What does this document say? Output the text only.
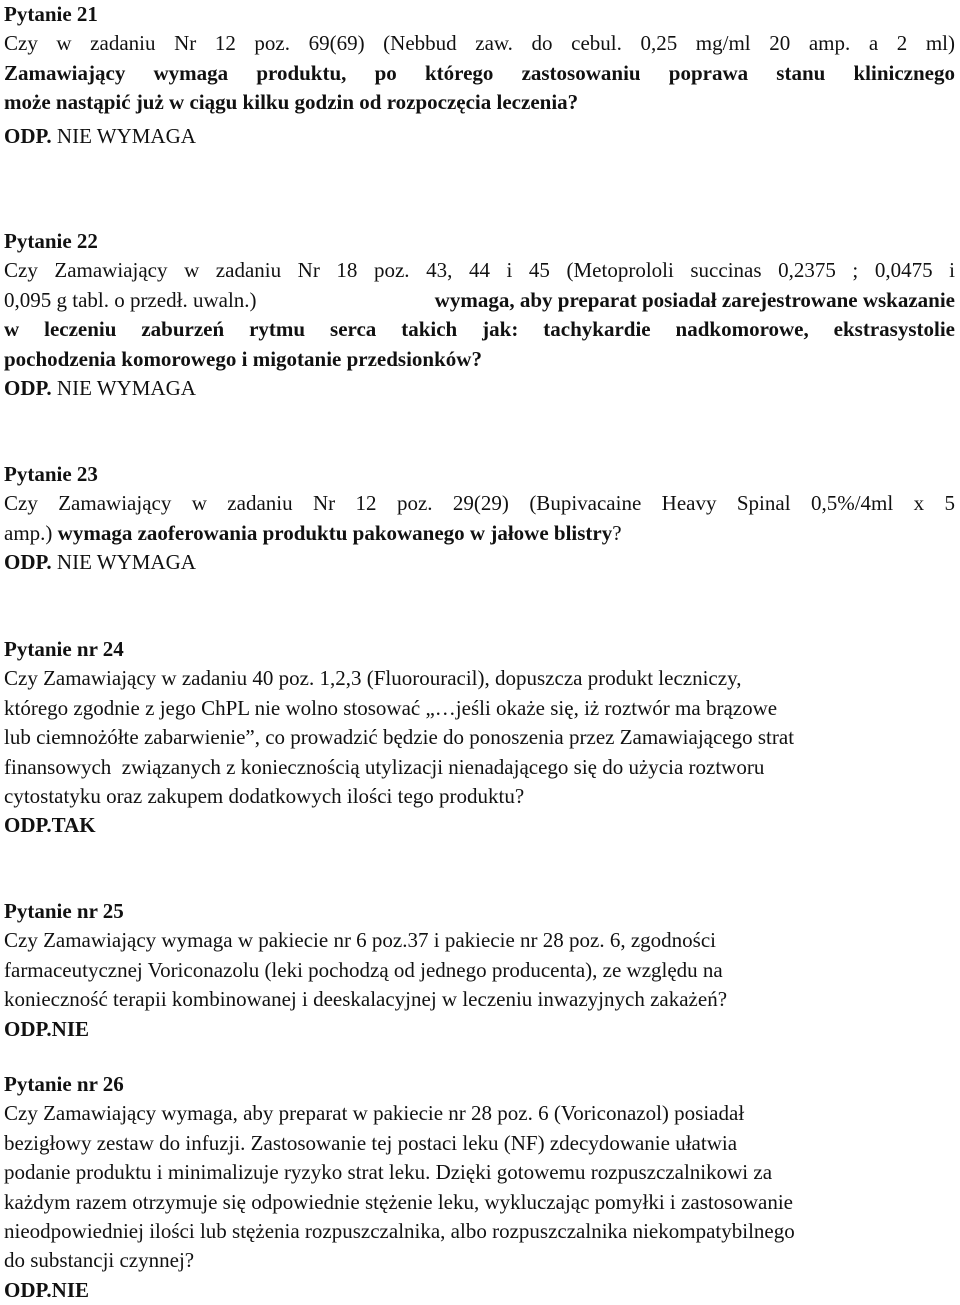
Pytanie 21

Czy w zadaniu Nr 12 poz. 69(69) (Nebbud zaw. do cebul. 0,25 mg/ml 20 amp. a 2 ml)

Zamawiający wymaga produktu, po którego zastosowaniu poprawa stanu klinicznego

może nastąpić już w ciągu kilku godzin od rozpoczęcia leczenia?

ODP. NIE WYMAGA

Pytanie 22

Czy Zamawiający w zadaniu Nr 18 poz. 43, 44 i 45 (Metoprololi succinas 0,2375 ; 0,0475 i

0,095 g tabl. o przedł. uwaln.)	wymaga, aby preparat posiadał zarejestrowane wskazanie

w leczeniu zaburzeń rytmu serca takich jak: tachykardie nadkomorowe, ekstrasystolie

pochodzenia komorowego i migotanie przedsionków?

ODP. NIE WYMAGA

Pytanie 23

Czy Zamawiający w zadaniu Nr 12 poz. 29(29) (Bupivacaine Heavy Spinal 0,5%/4ml x 5

amp.) wymaga zaoferowania produktu pakowanego w jałowe blistry?

ODP. NIE WYMAGA

Pytanie nr 24

Czy Zamawiający w zadaniu 40 poz. 1,2,3 (Fluorouracil), dopuszcza produkt leczniczy,

którego zgodnie z jego ChPL nie wolno stosować „…jeśli okaże się, iż roztwór ma brązowe

lub ciemnożółte zabarwienie”, co prowadzić będzie do ponoszenia przez Zamawiającego strat

finansowych  związanych z koniecznością utylizacji nienadającego się do użycia roztworu

cytostatyku oraz zakupem dodatkowych ilości tego produktu?

ODP.TAK

Pytanie nr 25

Czy Zamawiający wymaga w pakiecie nr 6 poz.37 i pakiecie nr 28 poz. 6, zgodności

farmaceutycznej Voriconazolu (leki pochodzą od jednego producenta), ze względu na

konieczność terapii kombinowanej i deeskalacyjnej w leczeniu inwazyjnych zakażeń?

ODP.NIE

Pytanie nr 26

Czy Zamawiający wymaga, aby preparat w pakiecie nr 28 poz. 6 (Voriconazol) posiadał

bezigłowy zestaw do infuzji. Zastosowanie tej postaci leku (NF) zdecydowanie ułatwia

podanie produktu i minimalizuje ryzyko strat leku. Dzięki gotowemu rozpuszczalnikowi za

każdym razem otrzymuje się odpowiednie stężenie leku, wykluczając pomyłki i zastosowanie

nieodpowiedniej ilości lub stężenia rozpuszczalnika, albo rozpuszczalnika niekompatybilnego

do substancji czynnej?

ODP.NIE
